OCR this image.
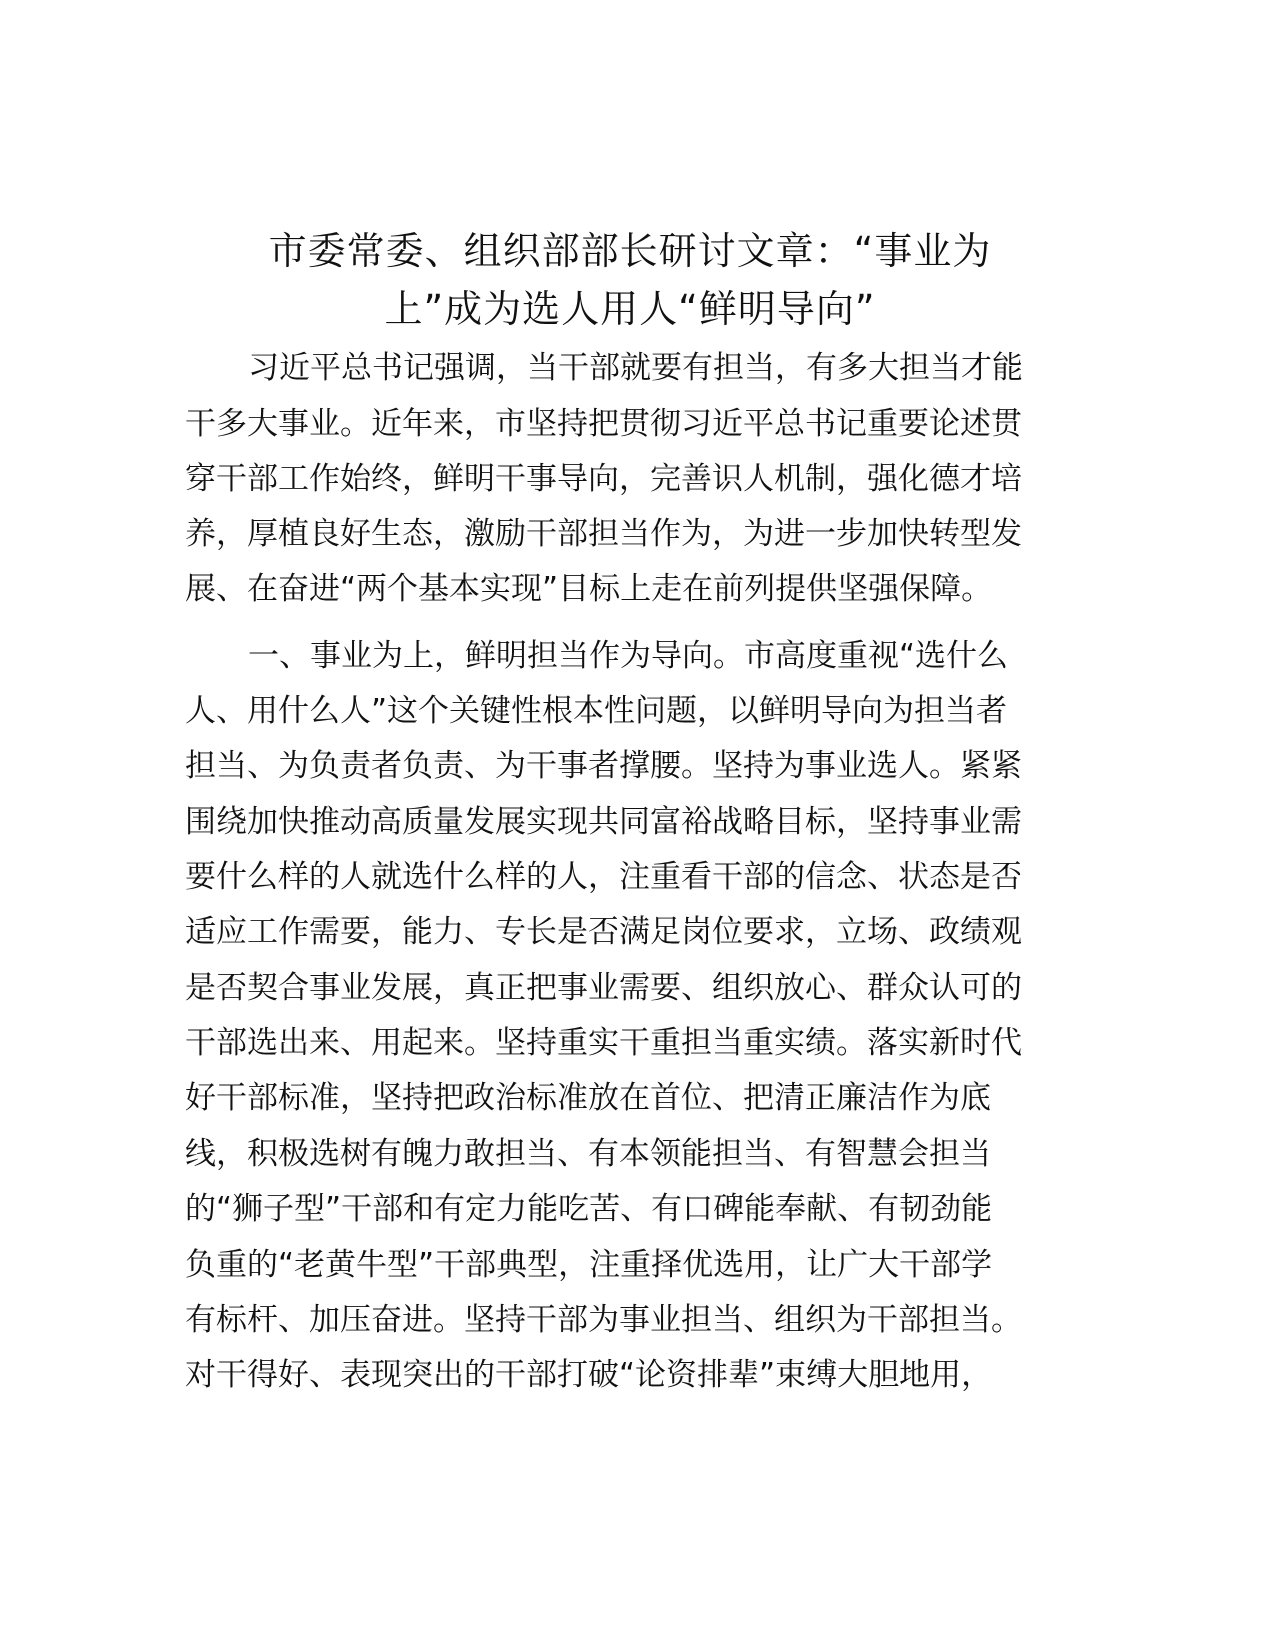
市委常委、组织部部长研讨文章：“事业为
上”成为选人用人“鲜明导向”

习近平总书记强调，当干部就要有担当，有多大担当才能

干多大事业。近年来，市坚持把贯彻习近平总书记重要论述贯

穿干部工作始终，鲜明干事导向，完善识人机制，强化德才培

养，厚植良好生态，激励干部担当作为，为进一步加快转型发

展、在奋进“两个基本实现”目标上走在前列提供坚强保障。

一、事业为上，鲜明担当作为导向。市高度重视“选什么

人、用什么人”这个关键性根本性问题，以鲜明导向为担当者

担当、为负责者负责、为干事者撑腰。坚持为事业选人。紧紧

围绕加快推动高质量发展实现共同富裕战略目标，坚持事业需

要什么样的人就选什么样的人，注重看干部的信念、状态是否

适应工作需要，能力、专长是否满足岗位要求，立场、政绩观

是否契合事业发展，真正把事业需要、组织放心、群众认可的

干部选出来、用起来。坚持重实干重担当重实绩。落实新时代

好干部标准，坚持把政治标准放在首位、把清正廉洁作为底

线，积极选树有魄力敢担当、有本领能担当、有智慧会担当

的“狮子型”干部和有定力能吃苦、有口碑能奉献、有韧劲能

负重的“老黄牛型”干部典型，注重择优选用，让广大干部学

有标杆、加压奋进。坚持干部为事业担当、组织为干部担当。

对干得好、表现突出的干部打破“论资排辈”束缚大胆地用，
